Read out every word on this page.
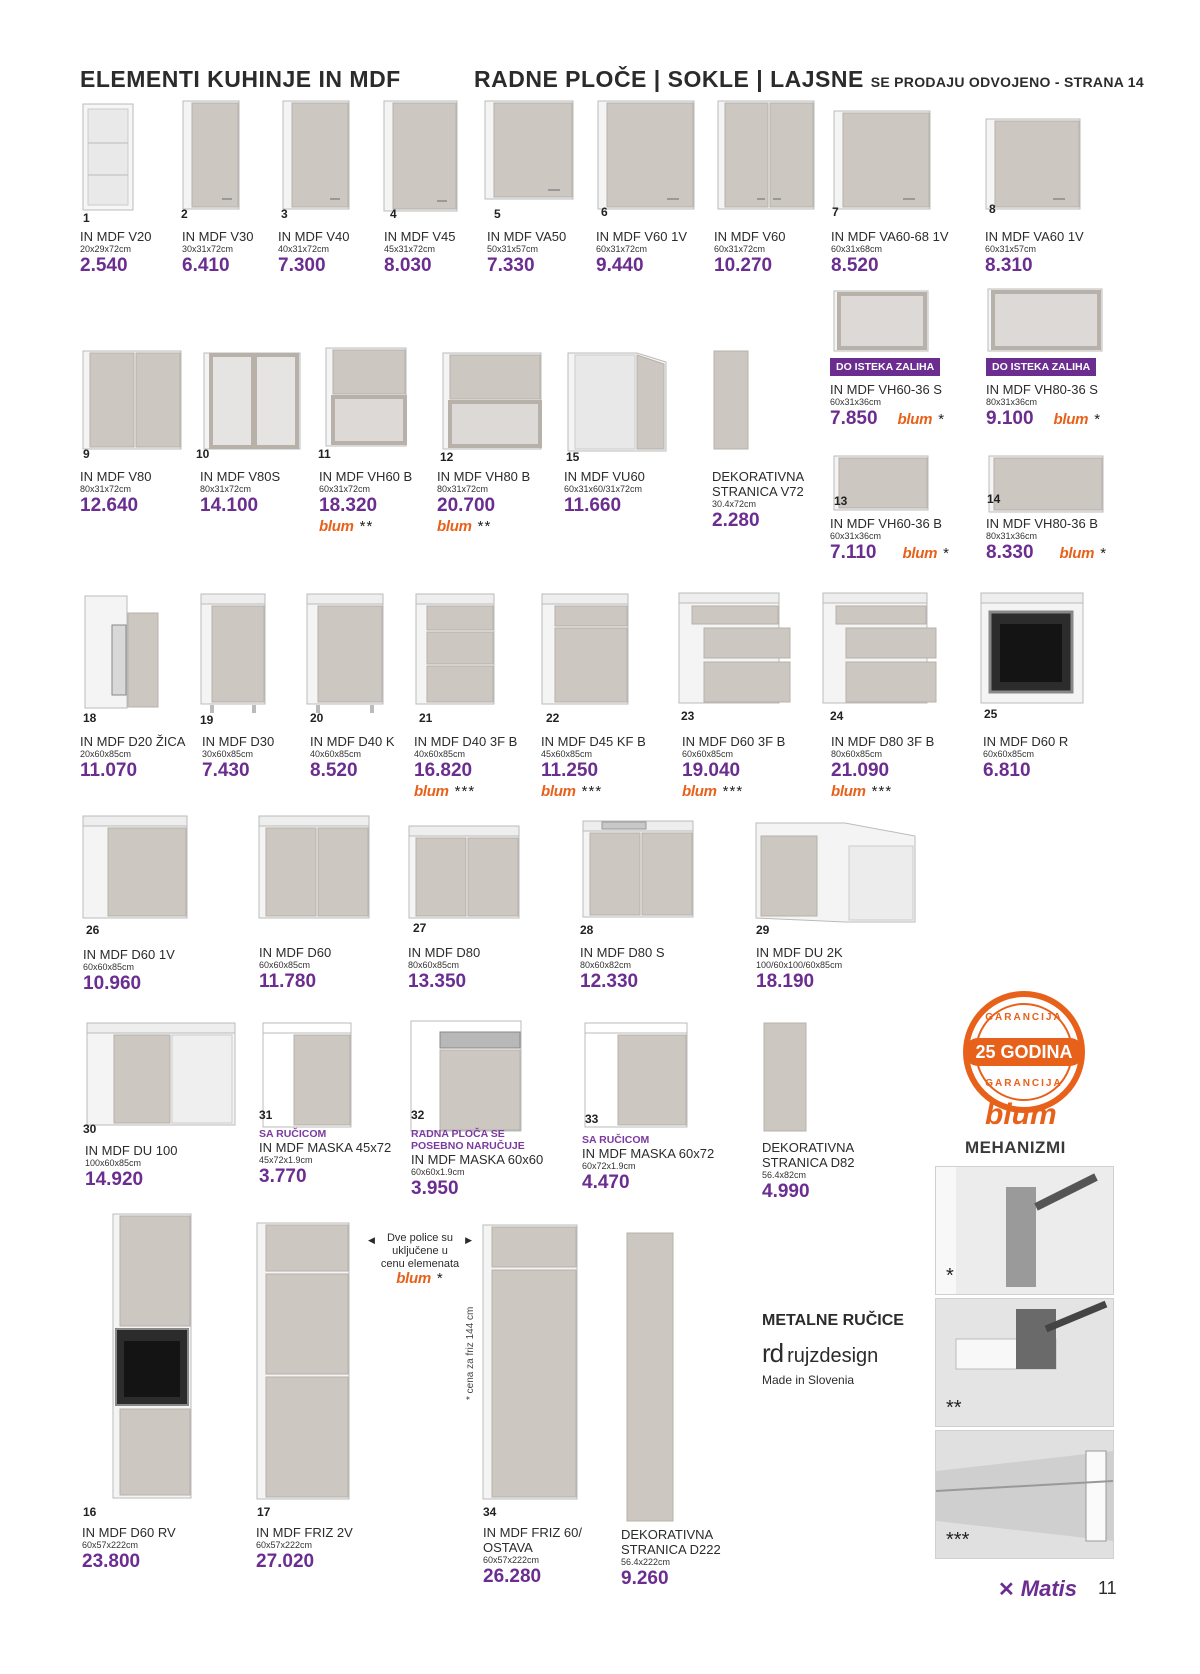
ELEMENTI KUHINJE IN MDF	RADNE PLOČE | SOKLE | LAJSNE SE PRODAJU ODVOJENO - STRANA 14
1
IN MDF V20
20x29x72cm
2.540
2
IN MDF V30
30x31x72cm
6.410
3
IN MDF V40
40x31x72cm
7.300
4
IN MDF V45
45x31x72cm
8.030
5
IN MDF VA50
50x31x57cm
7.330
6
IN MDF V60 1V
60x31x72cm
9.440
IN MDF V60
60x31x72cm
10.270
7
IN MDF VA60-68 1V
60x31x68cm
8.520
8
IN MDF VA60 1V
60x31x57cm
8.310
9
IN MDF V80
80x31x72cm
12.640
10
IN MDF V80S
80x31x72cm
14.100
11
IN MDF VH60 B
60x31x72cm
18.320
blum **
12
IN MDF VH80 B
80x31x72cm
20.700
blum **
15
IN MDF VU60
60x31x60/31x72cm
11.660
DEKORATIVNA
STRANICA V72
30.4x72cm
2.280
DO ISTEKA ZALIHA
IN MDF VH60-36 S
60x31x36cm
7.850 blum *
DO ISTEKA ZALIHA
IN MDF VH80-36 S
80x31x36cm
9.100 blum *
13
IN MDF VH60-36 B
60x31x36cm
7.110 blum *
14
IN MDF VH80-36 B
80x31x36cm
8.330 blum *
18
IN MDF D20 ŽICA
20x60x85cm
11.070
19
IN MDF D30
30x60x85cm
7.430
20
IN MDF D40 K
40x60x85cm
8.520
21
IN MDF D40 3F B
40x60x85cm
16.820
blum ***
22
IN MDF D45 KF B
45x60x85cm
11.250
blum ***
23
IN MDF D60 3F B
60x60x85cm
19.040
blum ***
24
IN MDF D80 3F B
80x60x85cm
21.090
blum ***
25
IN MDF D60 R
60x60x85cm
6.810
26
IN MDF D60 1V
60x60x85cm
10.960
IN MDF D60
60x60x85cm
11.780
27
IN MDF D80
80x60x85cm
13.350
28
IN MDF D80 S
80x60x82cm
12.330
29
IN MDF DU 2K
100/60x100/60x85cm
18.190
30
IN MDF DU 100
100x60x85cm
14.920
31
SA RUČICOM
IN MDF MASKA 45x72
45x72x1.9cm
3.770
32
RADNA PLOČA SE
POSEBNO NARUČUJE
IN MDF MASKA 60x60
60x60x1.9cm
3.950
33
SA RUČICOM
IN MDF MASKA 60x72
60x72x1.9cm
4.470
DEKORATIVNA
STRANICA D82
56.4x82cm
4.990
16
IN MDF D60 RV
60x57x222cm
23.800
17
IN MDF FRIZ 2V
60x57x222cm
27.020
34
IN MDF FRIZ 60/
OSTAVA
60x57x222cm
26.280
DEKORATIVNA
STRANICA D222
56.4x222cm
9.260
◀ Dve police su ▶
uključene u
cenu elemenata
blum *
* cena za friz 144 cm
GARANCIJA
25 GODINA
GARANCIJA
blum
MEHANIZMI
*
**
***
METALNE RUČICE
rd rujzdesign
Made in Slovenia
✕ Matis 11
